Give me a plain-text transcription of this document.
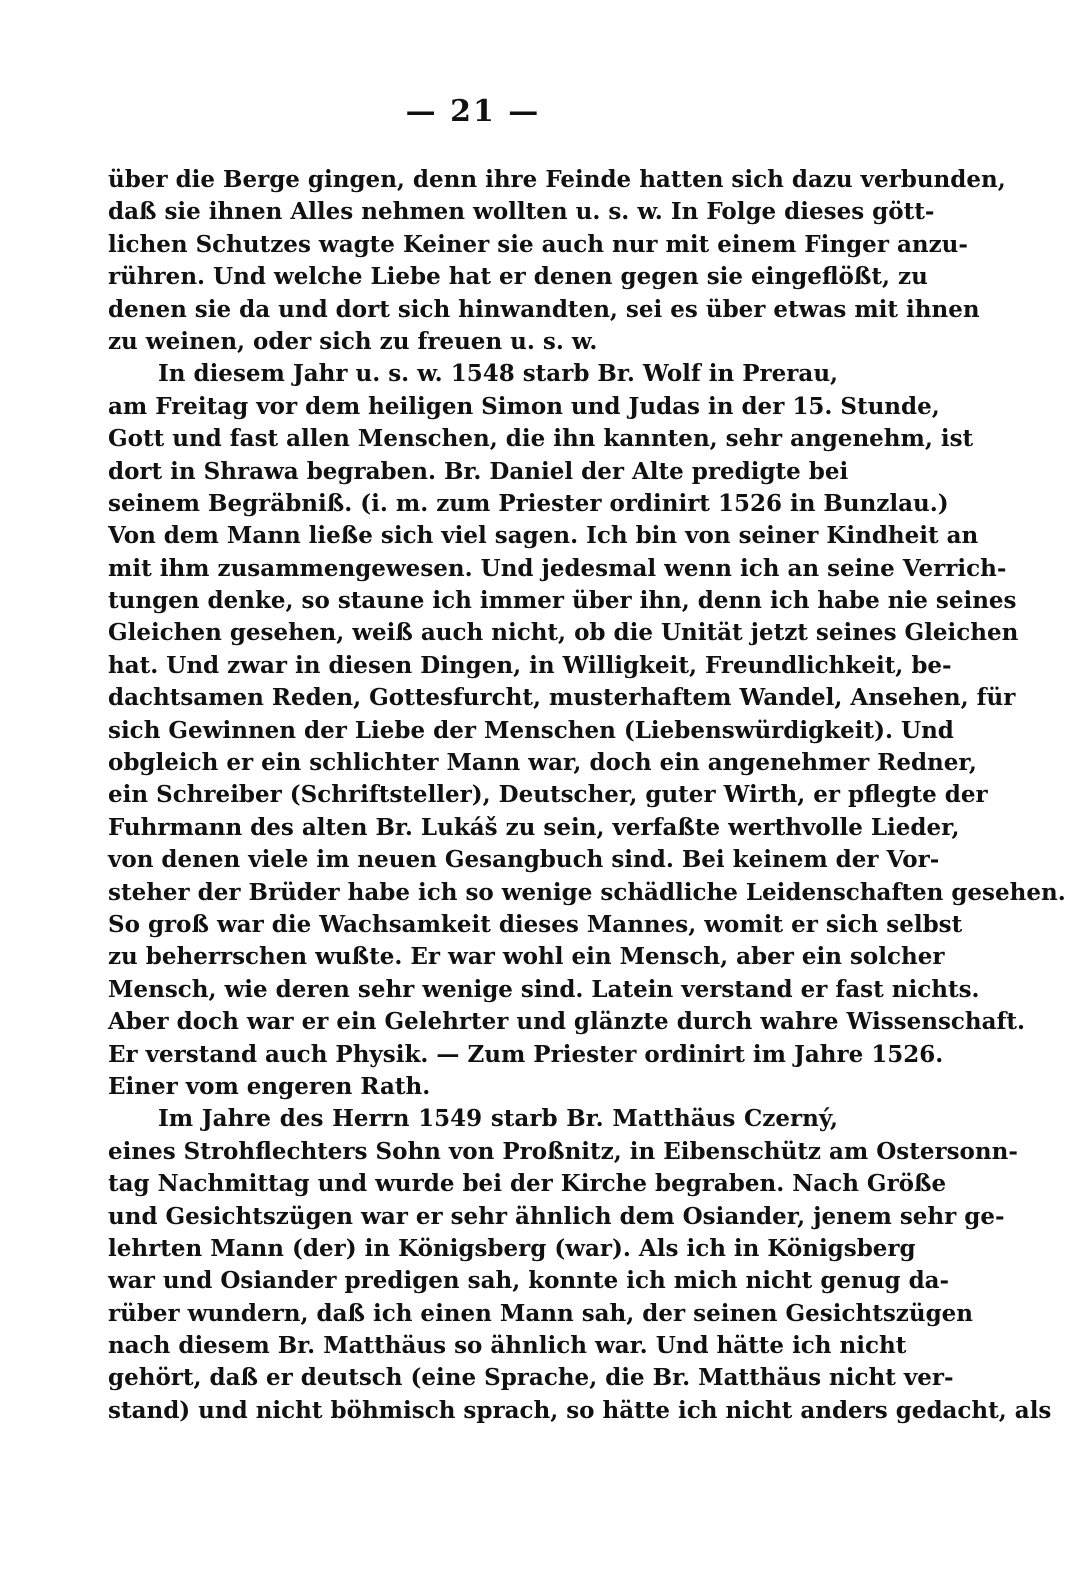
— 21 —
über die Berge gingen, denn ihre Feinde hatten sich dazu verbunden,
daß sie ihnen Alles nehmen wollten u. s. w. In Folge dieses gött-
lichen Schutzes wagte Keiner sie auch nur mit einem Finger anzu-
rühren. Und welche Liebe hat er denen gegen sie eingeflößt, zu
denen sie da und dort sich hinwandten, sei es über etwas mit ihnen
zu weinen, oder sich zu freuen u. s. w.
In diesem Jahr u. s. w. 1548 starb Br. Wolf in Prerau,
am Freitag vor dem heiligen Simon und Judas in der 15. Stunde,
Gott und fast allen Menschen, die ihn kannten, sehr angenehm, ist
dort in Shrawa begraben. Br. Daniel der Alte predigte bei
seinem Begräbniß. (i. m. zum Priester ordinirt 1526 in Bunzlau.)
Von dem Mann ließe sich viel sagen. Ich bin von seiner Kindheit an
mit ihm zusammengewesen. Und jedesmal wenn ich an seine Verrich-
tungen denke, so staune ich immer über ihn, denn ich habe nie seines
Gleichen gesehen, weiß auch nicht, ob die Unität jetzt seines Gleichen
hat. Und zwar in diesen Dingen, in Willigkeit, Freundlichkeit, be-
dachtsamen Reden, Gottesfurcht, musterhaftem Wandel, Ansehen, für
sich Gewinnen der Liebe der Menschen (Liebenswürdigkeit). Und
obgleich er ein schlichter Mann war, doch ein angenehmer Redner,
ein Schreiber (Schriftsteller), Deutscher, guter Wirth, er pflegte der
Fuhrmann des alten Br. Lukáš zu sein, verfaßte werthvolle Lieder,
von denen viele im neuen Gesangbuch sind. Bei keinem der Vor-
steher der Brüder habe ich so wenige schädliche Leidenschaften gesehen.
So groß war die Wachsamkeit dieses Mannes, womit er sich selbst
zu beherrschen wußte. Er war wohl ein Mensch, aber ein solcher
Mensch, wie deren sehr wenige sind. Latein verstand er fast nichts.
Aber doch war er ein Gelehrter und glänzte durch wahre Wissenschaft.
Er verstand auch Physik. — Zum Priester ordinirt im Jahre 1526.
Einer vom engeren Rath.
Im Jahre des Herrn 1549 starb Br. Matthäus Czerný,
eines Strohflechters Sohn von Proßnitz, in Eibenschütz am Ostersonn-
tag Nachmittag und wurde bei der Kirche begraben. Nach Größe
und Gesichtszügen war er sehr ähnlich dem Osiander, jenem sehr ge-
lehrten Mann (der) in Königsberg (war). Als ich in Königsberg
war und Osiander predigen sah, konnte ich mich nicht genug da-
rüber wundern, daß ich einen Mann sah, der seinen Gesichtszügen
nach diesem Br. Matthäus so ähnlich war. Und hätte ich nicht
gehört, daß er deutsch (eine Sprache, die Br. Matthäus nicht ver-
stand) und nicht böhmisch sprach, so hätte ich nicht anders gedacht, als
